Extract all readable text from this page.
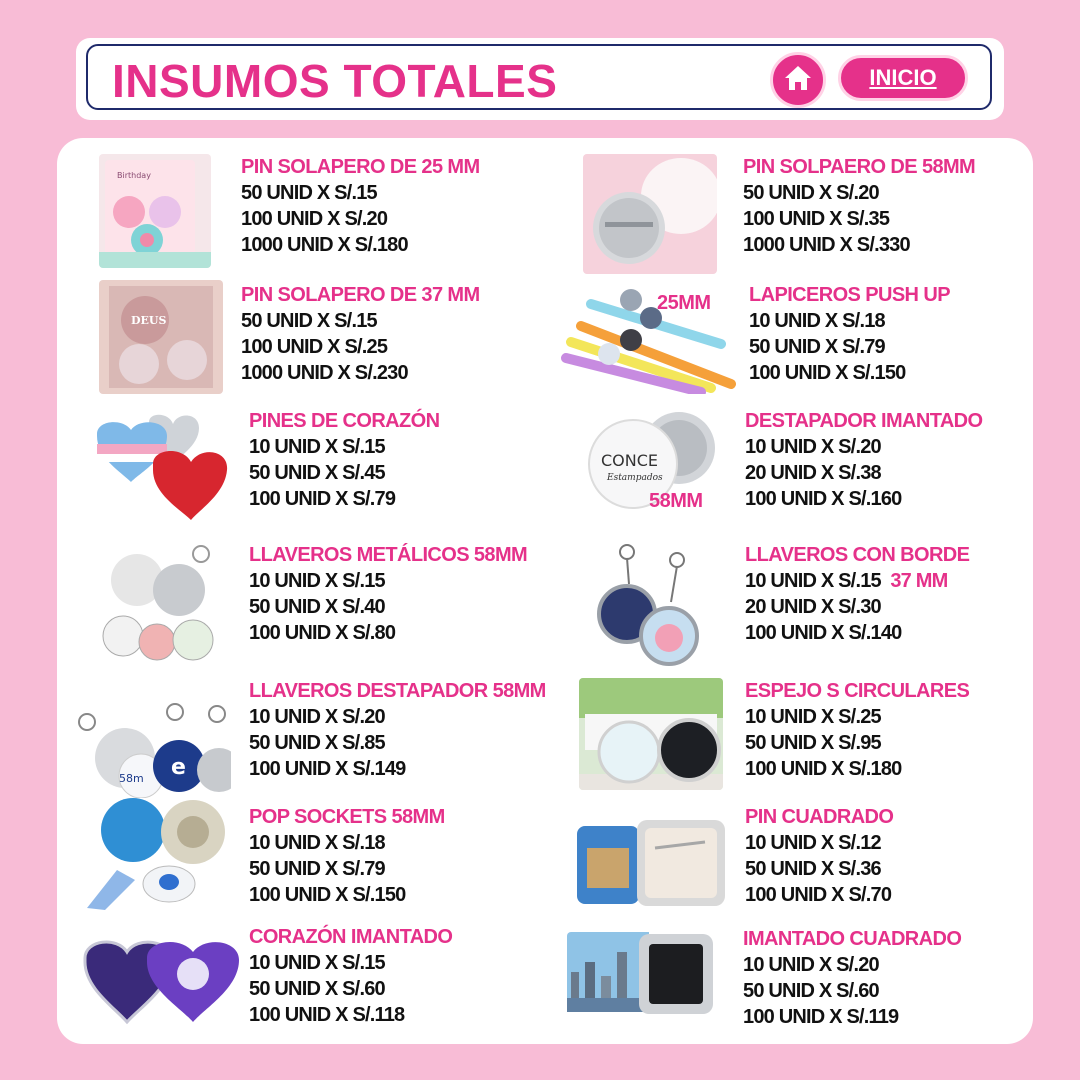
INSUMOS TOTALES	INICIO
Birthday	PIN SOLAPERO DE 25 MM
50 UNID X S/.15
100 UNID X S/.20
1000 UNID X S/.180
PIN SOLPAERO DE 58MM
50 UNID X S/.20
100 UNID X S/.35
1000 UNID X S/.330
DEUS
PIN SOLAPERO DE 37 MM
50 UNID X S/.15
100 UNID X S/.25
1000 UNID X S/.230
25MM LAPICEROS PUSH UP
10 UNID X S/.18
50 UNID X S/.79
100 UNID X S/.150
PINES DE CORAZÓN
10 UNID X S/.15
50 UNID X S/.45
100 UNID X S/.79
CONCE
Estampados
58MM
DESTAPADOR IMANTADO
10 UNID X S/.20
20 UNID X S/.38
100 UNID X S/.160
LLAVEROS METÁLICOS 58MM
10 UNID X S/.15
50 UNID X S/.40
100 UNID X S/.80
LLAVEROS CON BORDE
10 UNID X S/.15 37 MM
20 UNID X S/.30
100 UNID X S/.140
58m e
LLAVEROS DESTAPADOR 58MM
10 UNID X S/.20
50 UNID X S/.85
100 UNID X S/.149
ESPEJO S CIRCULARES
10 UNID X S/.25
50 UNID X S/.95
100 UNID X S/.180
POP SOCKETS 58MM
10 UNID X S/.18
50 UNID X S/.79
100 UNID X S/.150
PIN CUADRADO
10 UNID X S/.12
50 UNID X S/.36
100 UNID X S/.70
CORAZÓN IMANTADO
10 UNID X S/.15
50 UNID X S/.60
100 UNID X S/.118
IMANTADO CUADRADO
10 UNID X S/.20
50 UNID X S/.60
100 UNID X S/.119
